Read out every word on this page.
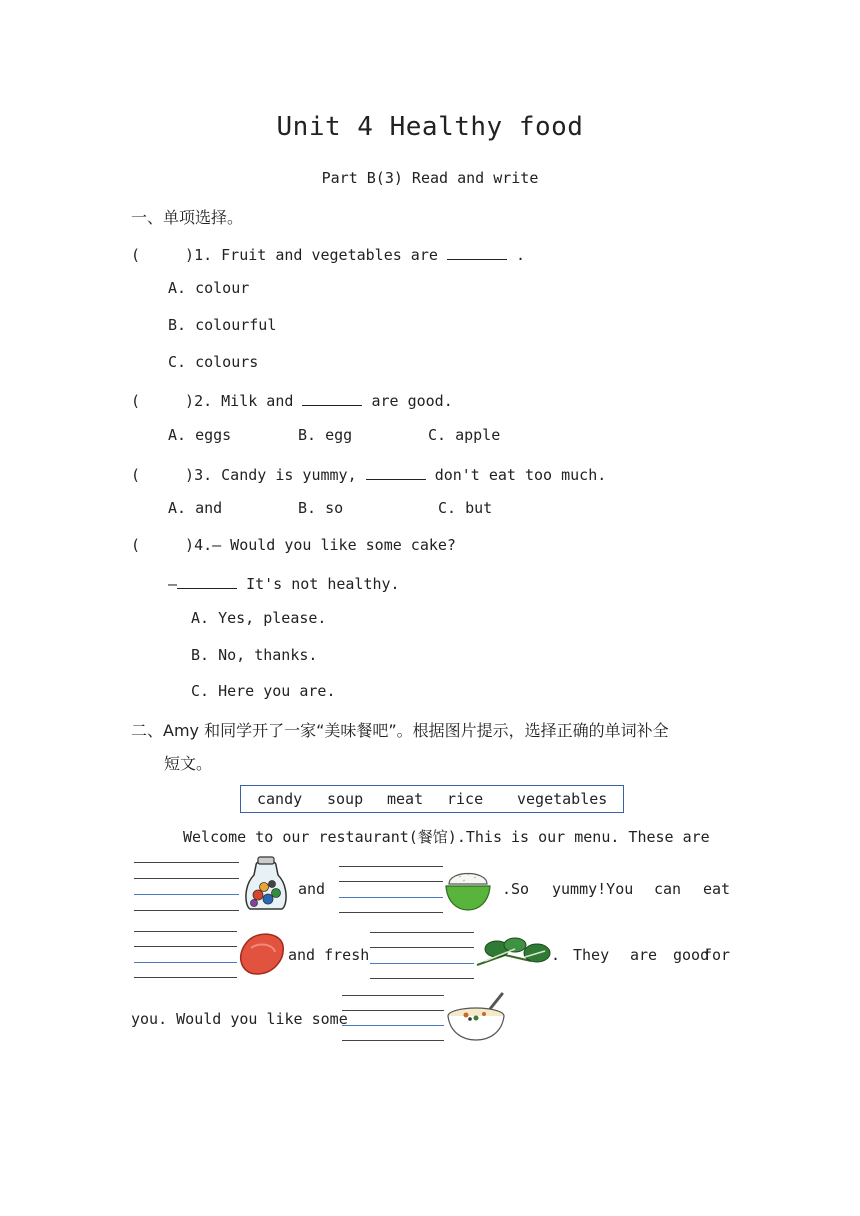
Unit 4 Healthy food
Part B(3) Read and write
一、单项选择。
(	)1. Fruit and vegetables are	.
A. colour
B. colourful
C. colours
(	)2. Milk and	are good.
A. eggs	B. egg	C. apple
(	)3. Candy is yummy,	don't eat too much.
A. and	B. so	C. but
(	)4.— Would you like some cake?
—	It's not healthy.
A. Yes, please.
B. No, thanks.
C. Here you are.
二、Amy 和同学开了一家“美味餐吧”。根据图片提示，选择正确的单词补全
短文。
candy soup meat rice vegetables
Welcome to our restaurant(餐馆).This is our menu. These are
and	.So yummy!You can eat
and fresh	. They are good
for
you. Would you like some
